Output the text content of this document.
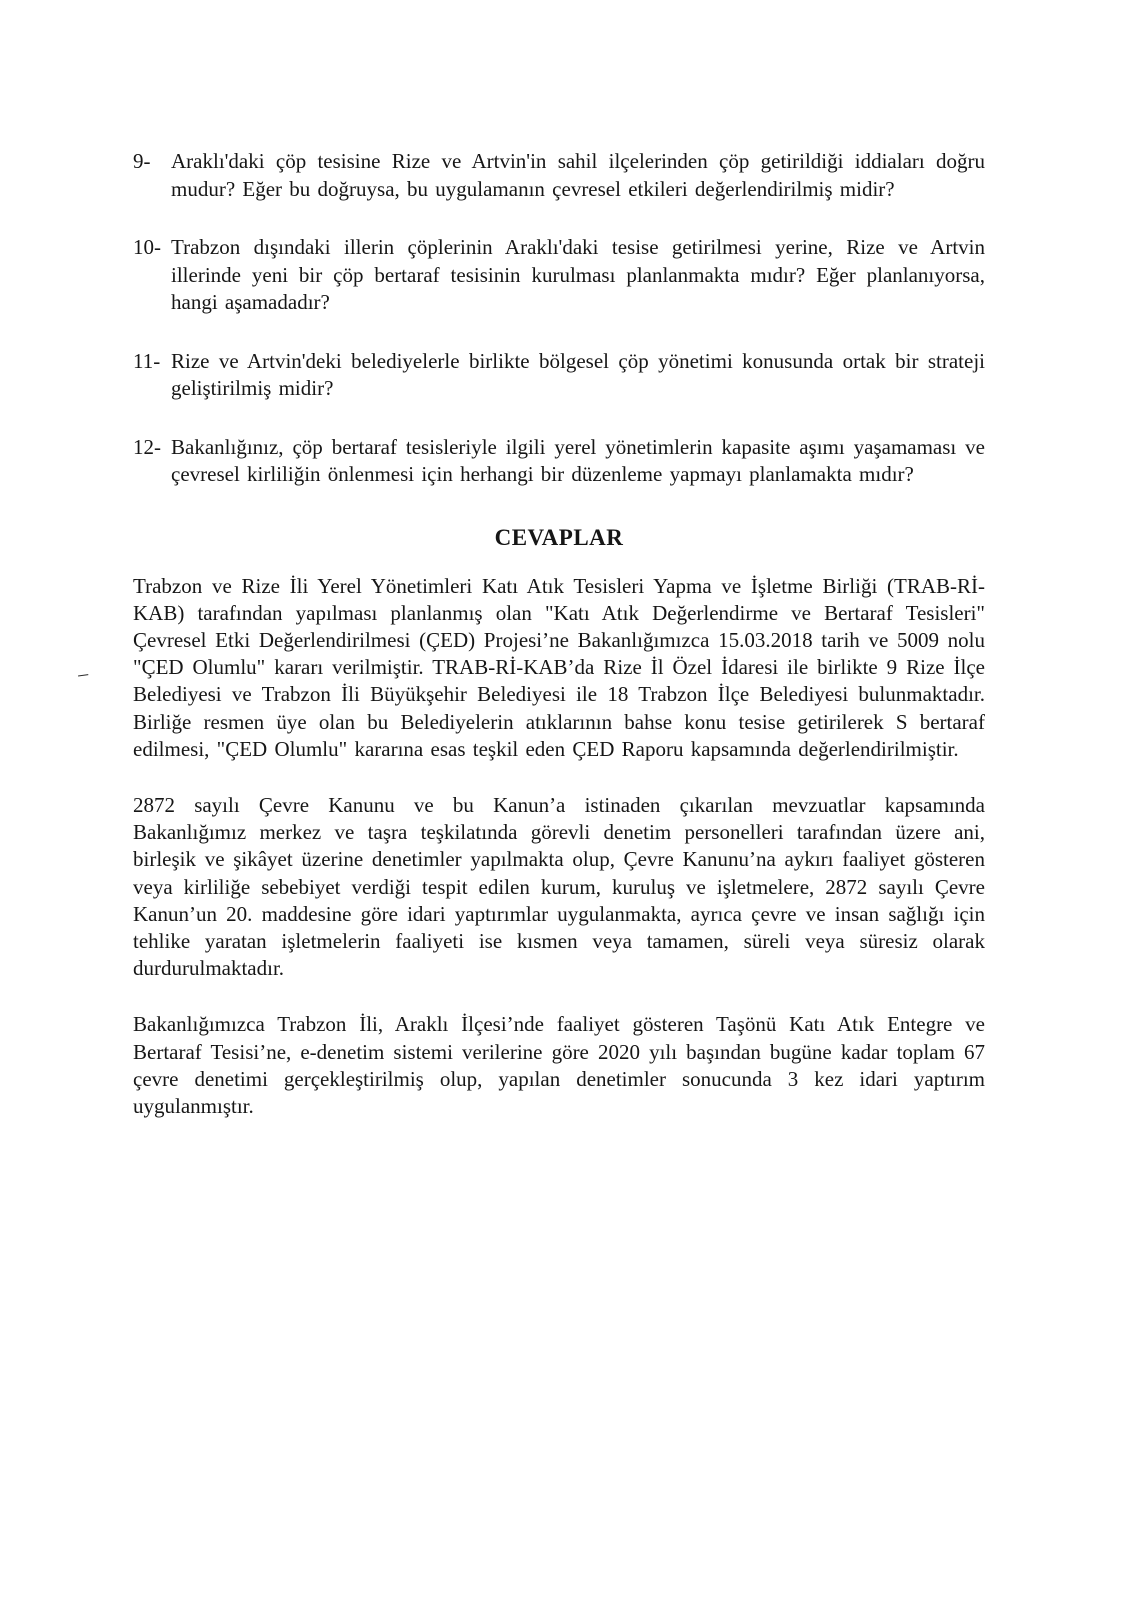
–
9- Araklı'daki çöp tesisine Rize ve Artvin'in sahil ilçelerinden çöp getirildiği iddiaları doğru mudur? Eğer bu doğruysa, bu uygulamanın çevresel etkileri değerlendirilmiş midir?
10- Trabzon dışındaki illerin çöplerinin Araklı'daki tesise getirilmesi yerine, Rize ve Artvin illerinde yeni bir çöp bertaraf tesisinin kurulması planlanmakta mıdır? Eğer planlanıyorsa, hangi aşamadadır?
11- Rize ve Artvin'deki belediyelerle birlikte bölgesel çöp yönetimi konusunda ortak bir strateji geliştirilmiş midir?
12- Bakanlığınız, çöp bertaraf tesisleriyle ilgili yerel yönetimlerin kapasite aşımı yaşamaması ve çevresel kirliliğin önlenmesi için herhangi bir düzenleme yapmayı planlamakta mıdır?
CEVAPLAR

Trabzon ve Rize İli Yerel Yönetimleri Katı Atık Tesisleri Yapma ve İşletme Birliği (TRAB-Rİ-KAB) tarafından yapılması planlanmış olan "Katı Atık Değerlendirme ve Bertaraf Tesisleri" Çevresel Etki Değerlendirilmesi (ÇED) Projesi’ne Bakanlığımızca 15.03.2018 tarih ve 5009 nolu "ÇED Olumlu" kararı verilmiştir. TRAB-Rİ-KAB’da Rize İl Özel İdaresi ile birlikte 9 Rize İlçe Belediyesi ve Trabzon İli Büyükşehir Belediyesi ile 18 Trabzon İlçe Belediyesi bulunmaktadır. Birliğe resmen üye olan bu Belediyelerin atıklarının bahse konu tesise getirilerek S bertaraf edilmesi, "ÇED Olumlu" kararına esas teşkil eden ÇED Raporu kapsamında değerlendirilmiştir.

2872 sayılı Çevre Kanunu ve bu Kanun’a istinaden çıkarılan mevzuatlar kapsamında Bakanlığımız merkez ve taşra teşkilatında görevli denetim personelleri tarafından üzere ani, birleşik ve şikâyet üzerine denetimler yapılmakta olup, Çevre Kanunu’na aykırı faaliyet gösteren veya kirliliğe sebebiyet verdiği tespit edilen kurum, kuruluş ve işletmelere, 2872 sayılı Çevre Kanun’un 20. maddesine göre idari yaptırımlar uygulanmakta, ayrıca çevre ve insan sağlığı için tehlike yaratan işletmelerin faaliyeti ise kısmen veya tamamen, süreli veya süresiz olarak durdurulmaktadır.

Bakanlığımızca Trabzon İli, Araklı İlçesi’nde faaliyet gösteren Taşönü Katı Atık Entegre ve Bertaraf Tesisi’ne, e-denetim sistemi verilerine göre 2020 yılı başından bugüne kadar toplam 67 çevre denetimi gerçekleştirilmiş olup, yapılan denetimler sonucunda 3 kez idari yaptırım uygulanmıştır.
